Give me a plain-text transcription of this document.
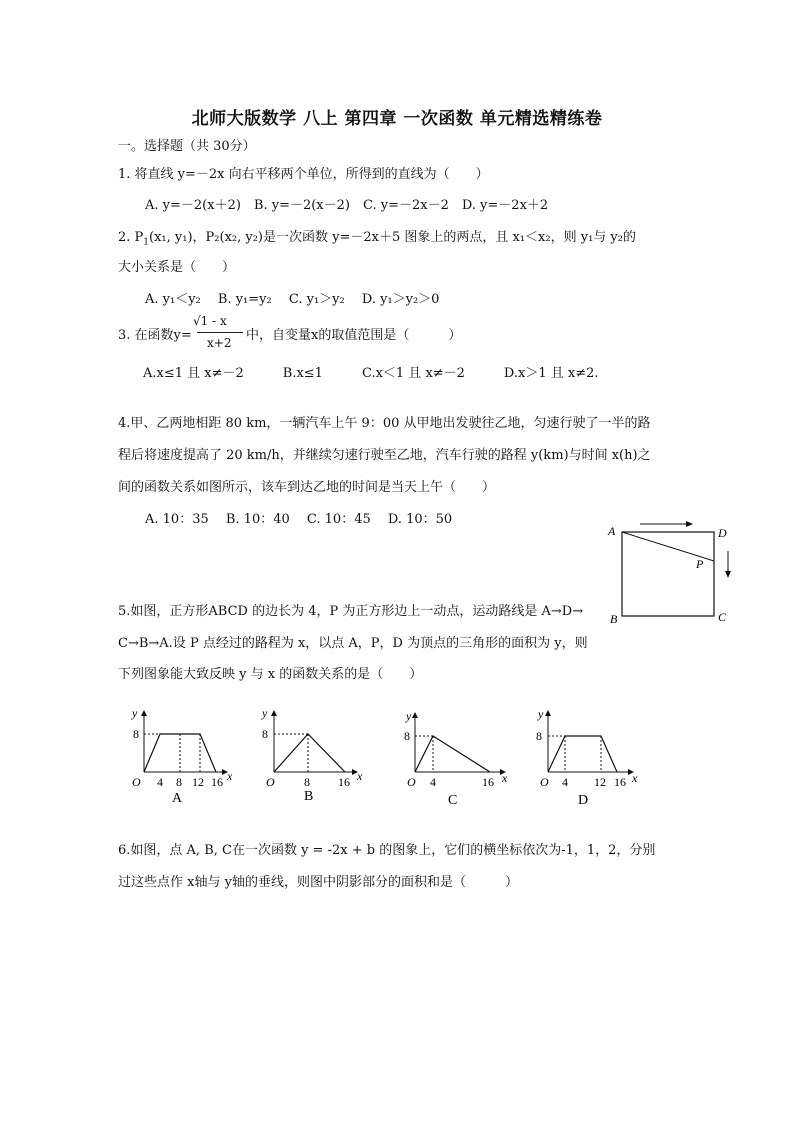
北师大版数学 八上 第四章 一次函数 单元精选精练卷
一。选择题（共 30分）
1. 将直线 y=－2x 向右平移两个单位，所得到的直线为（　　）
A. y=－2(x＋2)　B. y=－2(x－2)　C. y=－2x－2　D. y=－2x＋2
2. $P_1(x_1$, y₁)，P₂(x₂, y₂)是一次函数 y=－2x＋5 图象上的两点，且 x₁＜x₂，则 y₁与 y₂的
大小关系是（　　）
A. y₁＜y₂　 B. y₁=y₂　 C. y₁＞y₂　 D. y₁＞y₂＞0
3. 在函数y=
√1 - x
x+2 中，自变量x的取值范围是（　　　）
A.x≤1 且 x≠－2　　　B.x≤1　　　C.x＜1 且 x≠－2　　　D.x＞1 且 x≠2.
4.甲、乙两地相距 80 km，一辆汽车上午 9：00 从甲地出发驶往乙地，匀速行驶了一半的路
程后将速度提高了 20 km/h，并继续匀速行驶至乙地，汽车行驶的路程 y(km)与时间 x(h)之
间的函数关系如图所示，该车到达乙地的时间是当天上午（　　）
A. 10：35　 B. 10：40　 C. 10：45　 D. 10：50
A	D
P
B	C
5.如图，正方形ABCD 的边长为 4，P 为正方形边上一动点，运动路线是 A→D→
C→B→A.设 P 点经过的路程为 x，以点 A，P，D 为顶点的三角形的面积为 y，则
下列图象能大致反映 y 与 x 的函数关系的是（　　）
y
8
O 4 8 12 16 x
A
y
8
O 8 16 x
B
y
8
O 4	16 x
C
y
8
O 4 12 16 x
D
6.如图，点 A, B, C在一次函数 y = -2x + b 的图象上，它们的横坐标依次为-1，1，2，分别
过这些点作 x轴与 y轴的垂线，则图中阴影部分的面积和是（　　　）
